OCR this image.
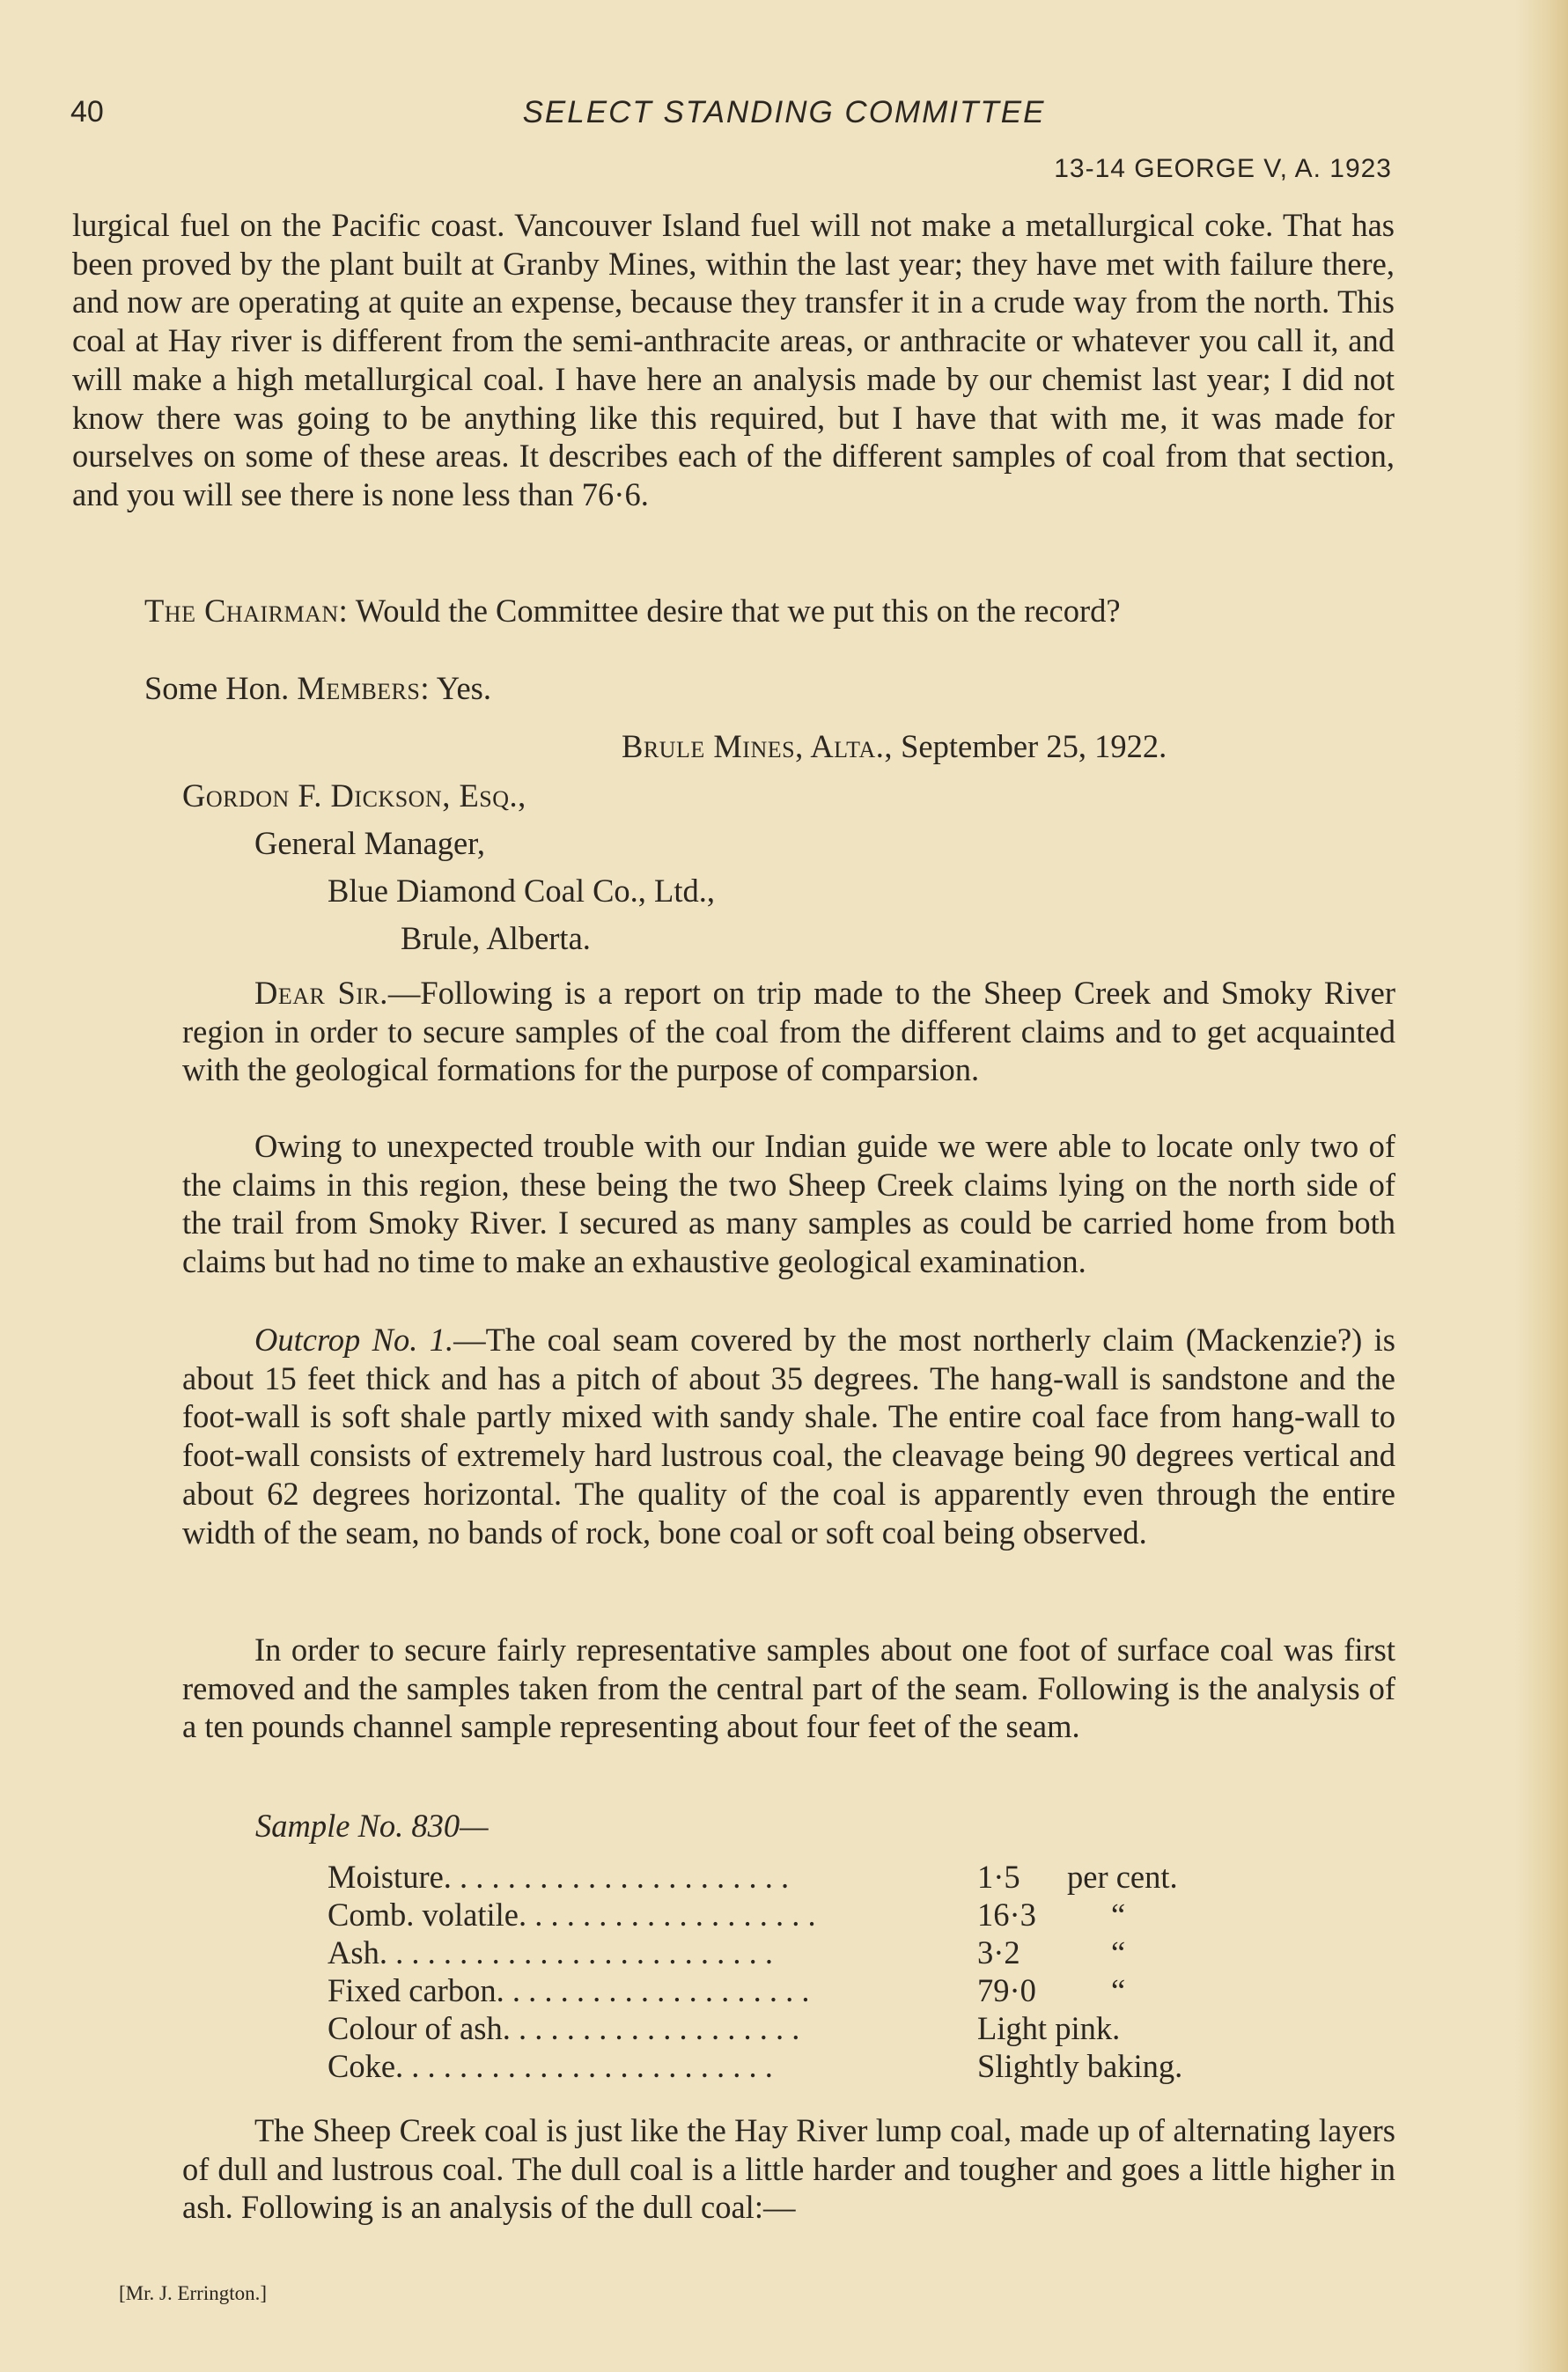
40	SELECT STANDING COMMITTEE
13-14 GEORGE V, A. 1923
lurgical fuel on the Pacific coast. Vancouver Island fuel will not make a metallurgical coke. That has been proved by the plant built at Granby Mines, within the last year; they have met with failure there, and now are operating at quite an expense, because they transfer it in a crude way from the north. This coal at Hay river is different from the semi-anthracite areas, or anthracite or whatever you call it, and will make a high metallurgical coal. I have here an analysis made by our chemist last year; I did not know there was going to be anything like this required, but I have that with me, it was made for ourselves on some of these areas. It describes each of the different samples of coal from that section, and you will see there is none less than 76·6.
The Chairman: Would the Committee desire that we put this on the record?
Some Hon. Members: Yes.
Brule Mines, Alta., September 25, 1922.
Gordon F. Dickson, Esq.,
General Manager,
Blue Diamond Coal Co., Ltd.,
Brule, Alberta.
Dear Sir.—Following is a report on trip made to the Sheep Creek and Smoky River region in order to secure samples of the coal from the different claims and to get acquainted with the geological formations for the purpose of comparsion.
Owing to unexpected trouble with our Indian guide we were able to locate only two of the claims in this region, these being the two Sheep Creek claims lying on the north side of the trail from Smoky River. I secured as many samples as could be carried home from both claims but had no time to make an exhaustive geological examination.
Outcrop No. 1.—The coal seam covered by the most northerly claim (Mackenzie?) is about 15 feet thick and has a pitch of about 35 degrees. The hang-wall is sandstone and the foot-wall is soft shale partly mixed with sandy shale. The entire coal face from hang-wall to foot-wall consists of extremely hard lustrous coal, the cleavage being 90 degrees vertical and about 62 degrees horizontal. The quality of the coal is apparently even through the entire width of the seam, no bands of rock, bone coal or soft coal being observed.
In order to secure fairly representative samples about one foot of surface coal was first removed and the samples taken from the central part of the seam. Following is the analysis of a ten pounds channel sample representing about four feet of the seam.
Sample No. 830—
Moisture. . . . . . . . . . . . . . . . . . . . . .	1·5 per cent.
Comb. volatile. . . . . . . . . . . . . . . . . . .	16·3 “
Ash. . . . . . . . . . . . . . . . . . . . . . . . .	3·2	“
Fixed carbon. . . . . . . . . . . . . . . . . . . .	79·0 “
Colour of ash. . . . . . . . . . . . . . . . . . .	Light pink.
Coke. . . . . . . . . . . . . . . . . . . . . . . .	Slightly baking.
The Sheep Creek coal is just like the Hay River lump coal, made up of alternating layers of dull and lustrous coal. The dull coal is a little harder and tougher and goes a little higher in ash. Following is an analysis of the dull coal:—
[Mr. J. Errington.]
